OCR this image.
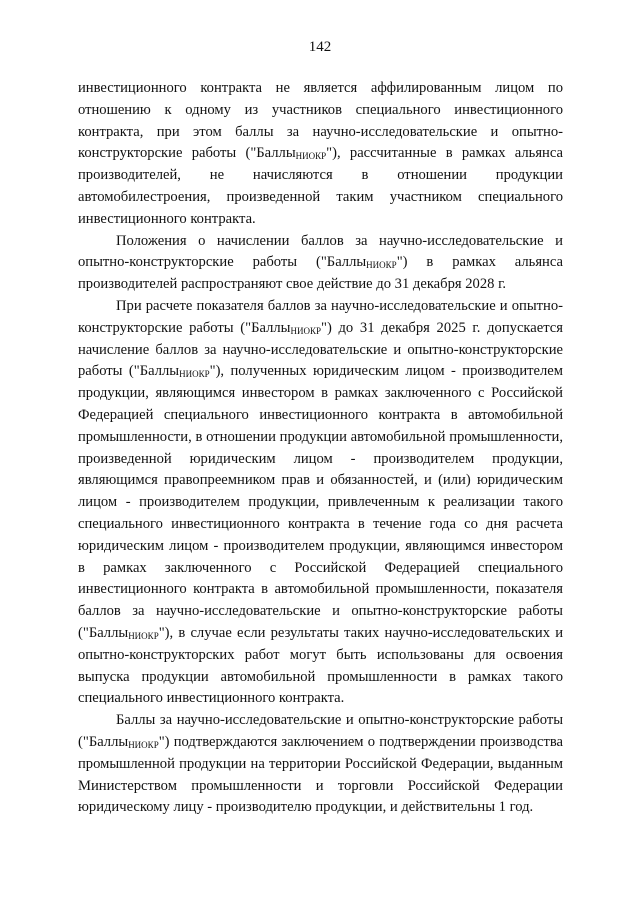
142

инвестиционного контракта не является аффилированным лицом по отношению к одному из участников специального инвестиционного контракта, при этом баллы за научно-исследовательские и опытно-конструкторские работы ("Баллы$_{НИОКР}$"), рассчитанные в рамках альянса производителей, не начисляются в отношении продукции автомобилестроения, произведенной таким участником специального инвестиционного контракта.

Положения о начислении баллов за научно-исследовательские и опытно-конструкторские работы ("Баллы$_{НИОКР}$") в рамках альянса производителей распространяют свое действие до 31 декабря 2028 г.

При расчете показателя баллов за научно-исследовательские и опытно-конструкторские работы ("Баллы$_{НИОКР}$") до 31 декабря 2025 г. допускается начисление баллов за научно-исследовательские и опытно-конструкторские работы ("Баллы$_{НИОКР}$"), полученных юридическим лицом - производителем продукции, являющимся инвестором в рамках заключенного с Российской Федерацией специального инвестиционного контракта в автомобильной промышленности, в отношении продукции автомобильной промышленности, произведенной юридическим лицом - производителем продукции, являющимся правопреемником прав и обязанностей, и (или) юридическим лицом - производителем продукции, привлеченным к реализации такого специального инвестиционного контракта в течение года со дня расчета юридическим лицом - производителем продукции, являющимся инвестором в рамках заключенного с Российской Федерацией специального инвестиционного контракта в автомобильной промышленности, показателя баллов за научно-исследовательские и опытно-конструкторские работы ("Баллы$_{НИОКР}$"), в случае если результаты таких научно-исследовательских и опытно-конструкторских работ могут быть использованы для освоения выпуска продукции автомобильной промышленности в рамках такого специального инвестиционного контракта.

Баллы за научно-исследовательские и опытно-конструкторские работы ("Баллы$_{НИОКР}$") подтверждаются заключением о подтверждении производства промышленной продукции на территории Российской Федерации, выданным Министерством промышленности и торговли Российской Федерации юридическому лицу - производителю продукции, и действительны 1 год.
